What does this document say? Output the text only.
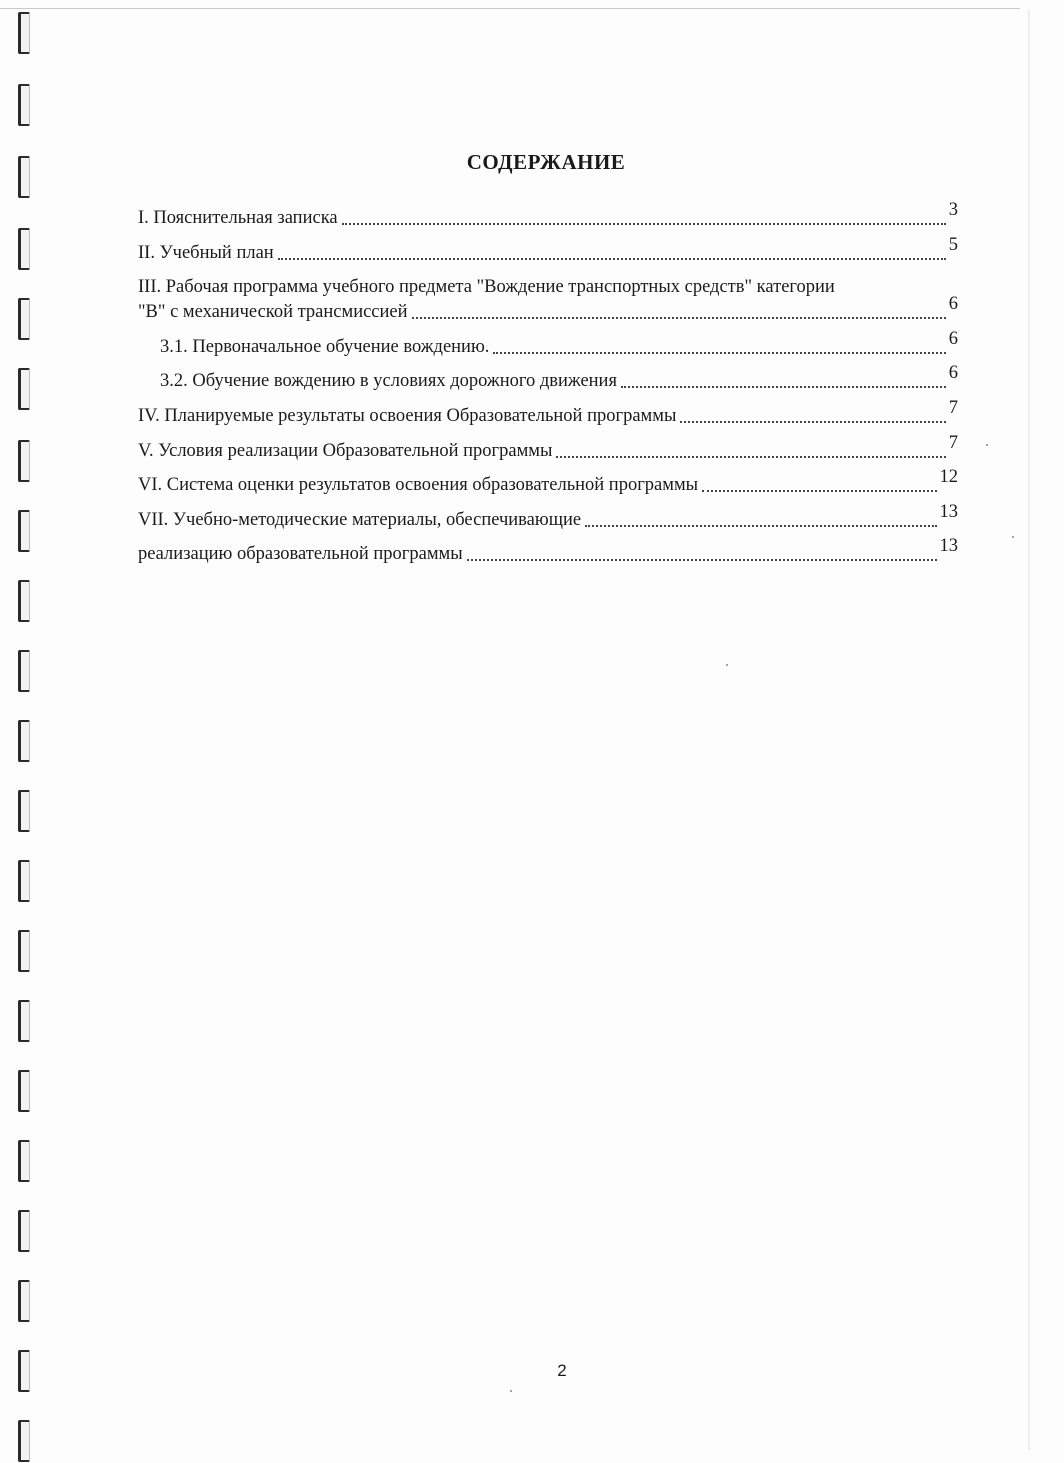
СОДЕРЖАНИЕ
I. Пояснительная записка	3
II. Учебный план	5
III. Рабочая программа учебного предмета "Вождение транспортных средств" категории
"B" с механической трансмиссией	6
3.1. Первоначальное обучение вождению.	6
3.2. Обучение вождению в условиях дорожного движения	6
IV. Планируемые результаты освоения Образовательной программы	7
V. Условия реализации Образовательной программы	7
VI. Система оценки результатов освоения образовательной программы	12
VII. Учебно-методические материалы, обеспечивающие	13
реализацию образовательной программы	13
2
